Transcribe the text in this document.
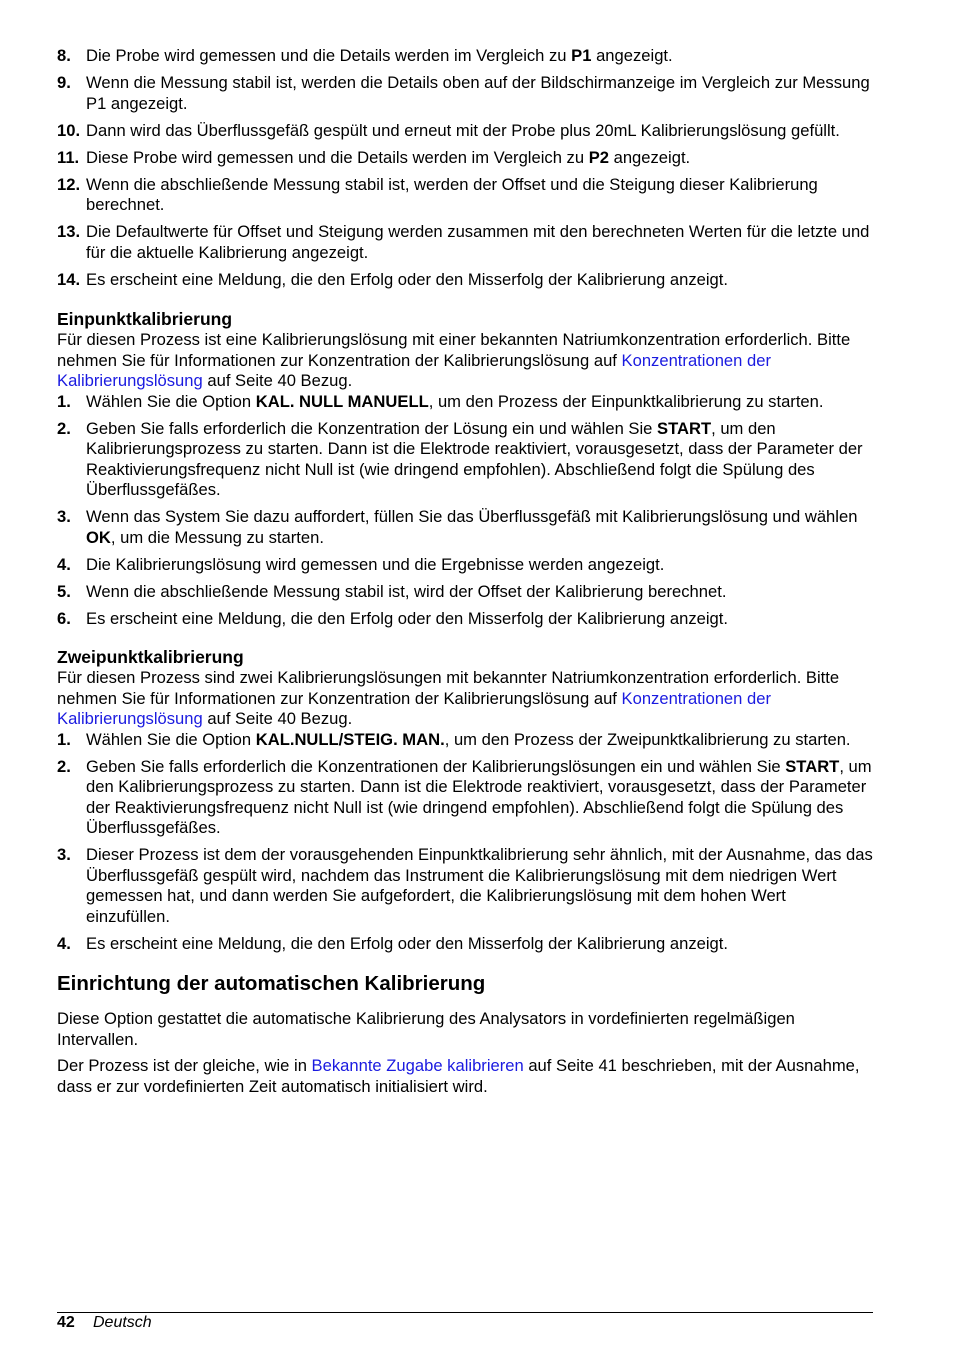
8. Die Probe wird gemessen und die Details werden im Vergleich zu P1 angezeigt.
9. Wenn die Messung stabil ist, werden die Details oben auf der Bildschirmanzeige im Vergleich zur Messung P1 angezeigt.
10. Dann wird das Überflussgefäß gespült und erneut mit der Probe plus 20mL Kalibrierungslösung gefüllt.
11. Diese Probe wird gemessen und die Details werden im Vergleich zu P2 angezeigt.
12. Wenn die abschließende Messung stabil ist, werden der Offset und die Steigung dieser Kalibrierung berechnet.
13. Die Defaultwerte für Offset und Steigung werden zusammen mit den berechneten Werten für die letzte und für die aktuelle Kalibrierung angezeigt.
14. Es erscheint eine Meldung, die den Erfolg oder den Misserfolg der Kalibrierung anzeigt.
Einpunktkalibrierung

Für diesen Prozess ist eine Kalibrierungslösung mit einer bekannten Natriumkonzentration erforderlich. Bitte nehmen Sie für Informationen zur Konzentration der Kalibrierungslösung auf Konzentrationen der Kalibrierungslösung auf Seite 40 Bezug.

1. Wählen Sie die Option KAL. NULL MANUELL, um den Prozess der Einpunktkalibrierung zu starten.
2. Geben Sie falls erforderlich die Konzentration der Lösung ein und wählen Sie START, um den Kalibrierungsprozess zu starten. Dann ist die Elektrode reaktiviert, vorausgesetzt, dass der Parameter der Reaktivierungsfrequenz nicht Null ist (wie dringend empfohlen). Abschließend folgt die Spülung des Überflussgefäßes.
3. Wenn das System Sie dazu auffordert, füllen Sie das Überflussgefäß mit Kalibrierungslösung und wählen OK, um die Messung zu starten.
4. Die Kalibrierungslösung wird gemessen und die Ergebnisse werden angezeigt.
5. Wenn die abschließende Messung stabil ist, wird der Offset der Kalibrierung berechnet.
6. Es erscheint eine Meldung, die den Erfolg oder den Misserfolg der Kalibrierung anzeigt.
Zweipunktkalibrierung

Für diesen Prozess sind zwei Kalibrierungslösungen mit bekannter Natriumkonzentration erforderlich. Bitte nehmen Sie für Informationen zur Konzentration der Kalibrierungslösung auf Konzentrationen der Kalibrierungslösung auf Seite 40 Bezug.

1. Wählen Sie die Option KAL.NULL/STEIG. MAN., um den Prozess der Zweipunktkalibrierung zu starten.
2. Geben Sie falls erforderlich die Konzentrationen der Kalibrierungslösungen ein und wählen Sie START, um den Kalibrierungsprozess zu starten. Dann ist die Elektrode reaktiviert, vorausgesetzt, dass der Parameter der Reaktivierungsfrequenz nicht Null ist (wie dringend empfohlen). Abschließend folgt die Spülung des Überflussgefäßes.
3. Dieser Prozess ist dem der vorausgehenden Einpunktkalibrierung sehr ähnlich, mit der Ausnahme, das das Überflussgefäß gespült wird, nachdem das Instrument die Kalibrierungslösung mit dem niedrigen Wert gemessen hat, und dann werden Sie aufgefordert, die Kalibrierungslösung mit dem hohen Wert einzufüllen.
4. Es erscheint eine Meldung, die den Erfolg oder den Misserfolg der Kalibrierung anzeigt.
Einrichtung der automatischen Kalibrierung

Diese Option gestattet die automatische Kalibrierung des Analysators in vordefinierten regelmäßigen Intervallen.

Der Prozess ist der gleiche, wie in Bekannte Zugabe kalibrieren auf Seite 41 beschrieben, mit der Ausnahme, dass er zur vordefinierten Zeit automatisch initialisiert wird.

42 Deutsch
